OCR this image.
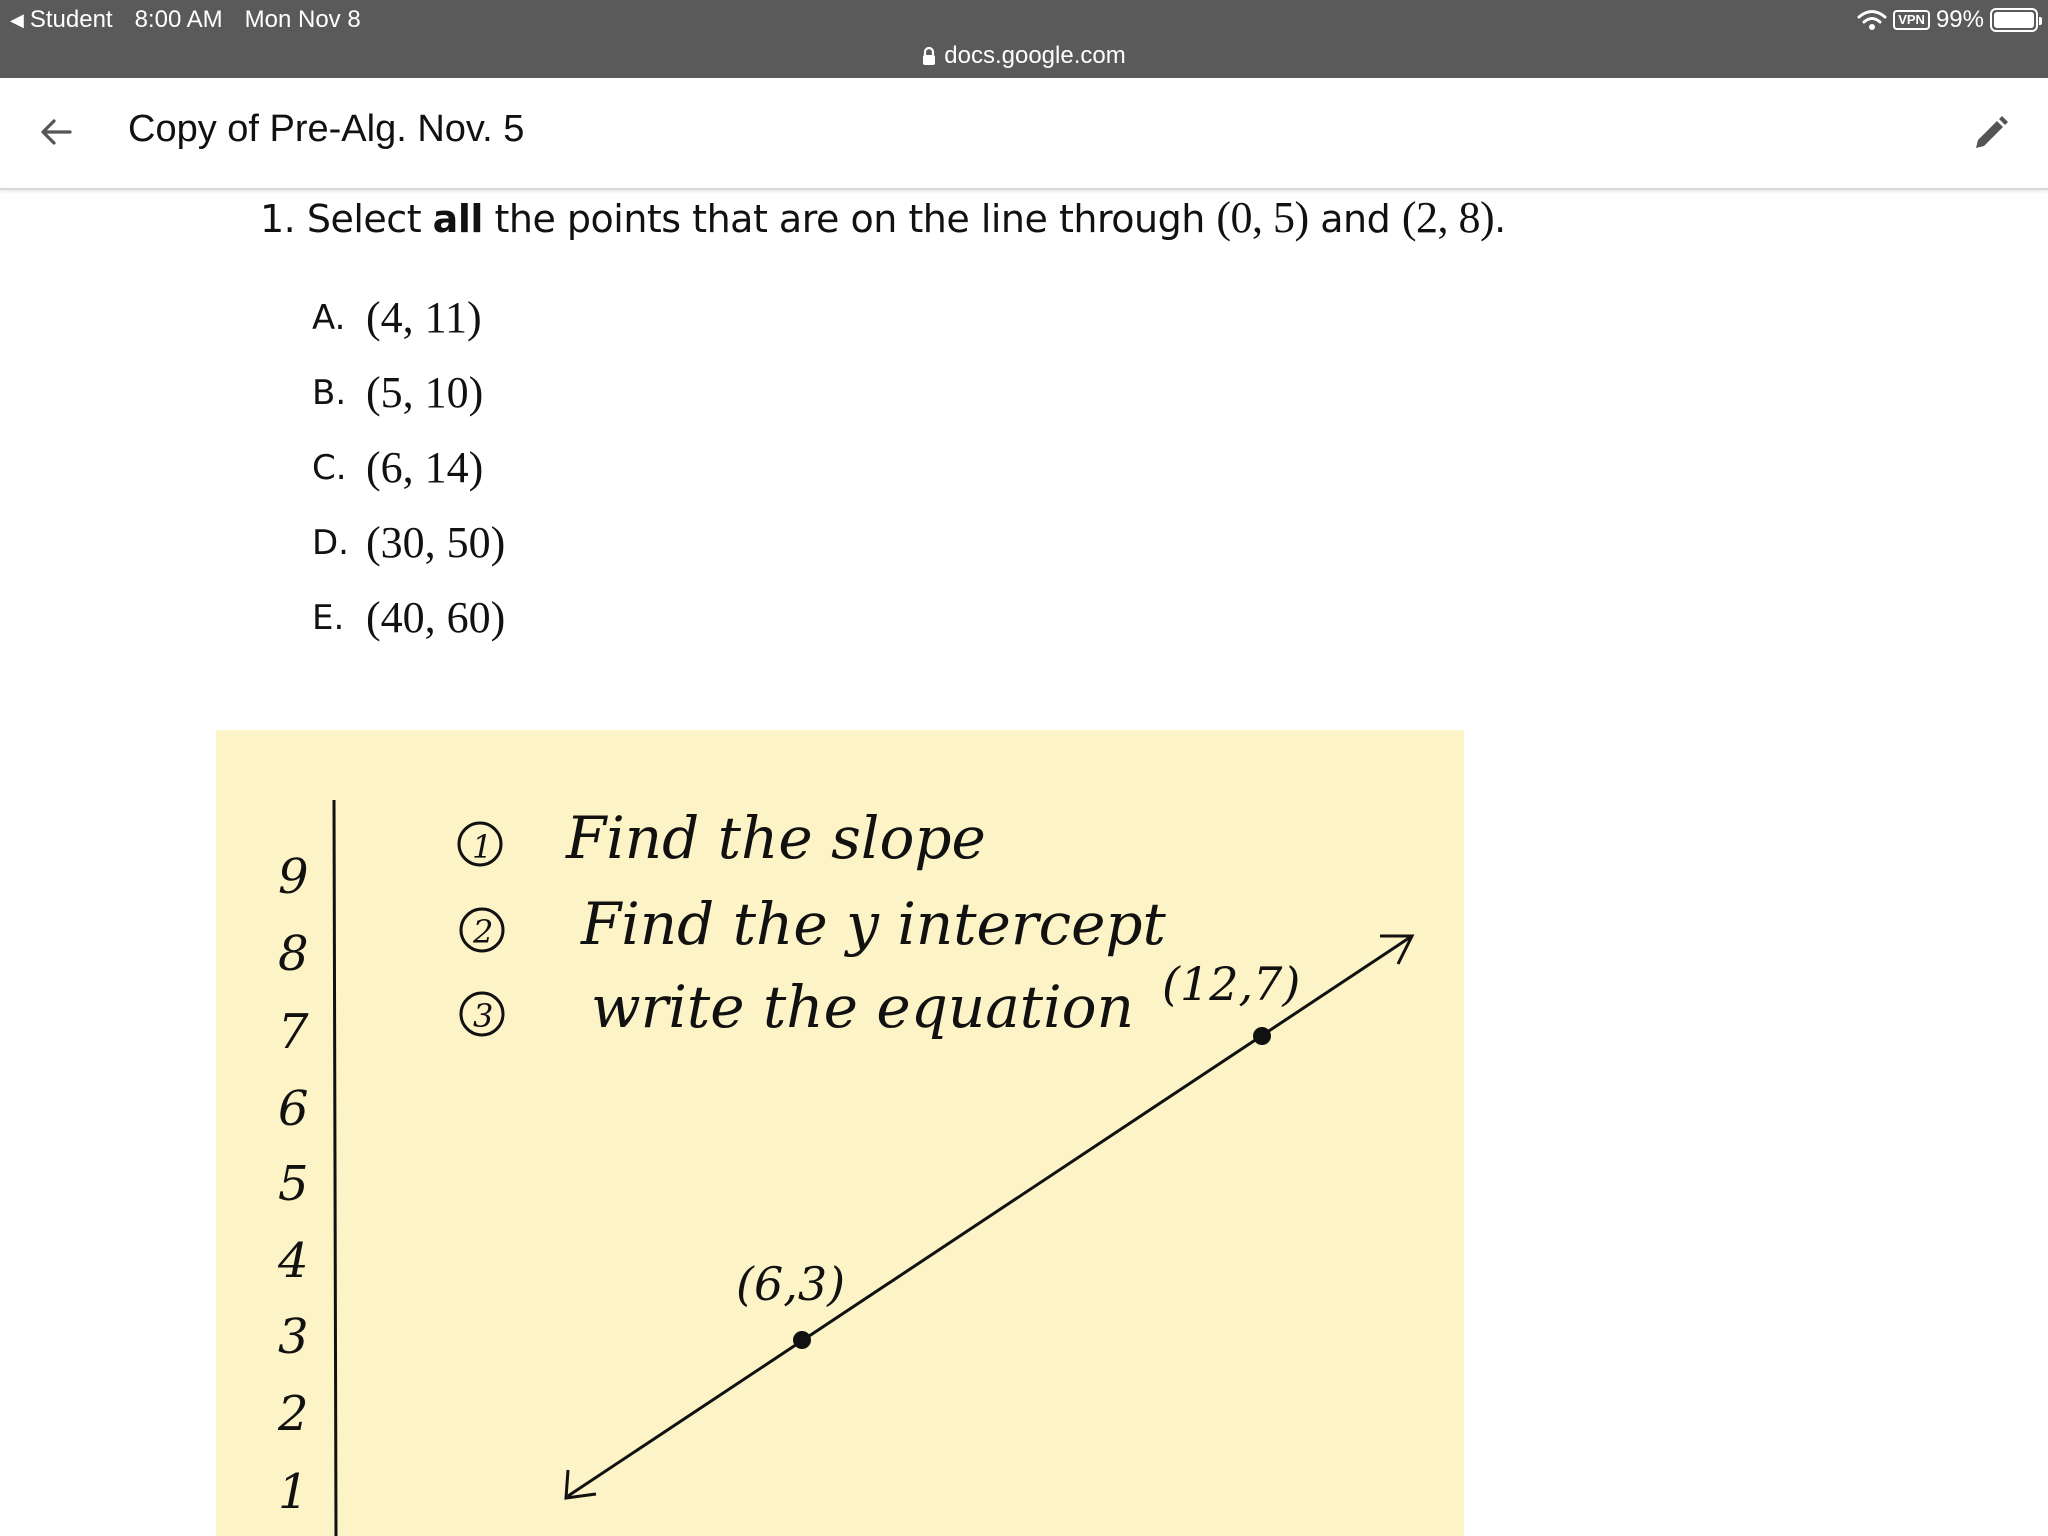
◀ Student 8:00 AM Mon Nov 8	VPN 99%
docs.google.com
Copy of Pre-Alg. Nov. 5
1. Select all the points that are on the line through (0, 5) and (2, 8).
A. (4, 11)
B. (5, 10)
C. (6, 14)
D. (30, 50)
E. (40, 60)
9
8
7
6
5
4
3
2
1
1 Find the slope
2 Find the y intercept
3 write the equation (12,7)
(6,3)
